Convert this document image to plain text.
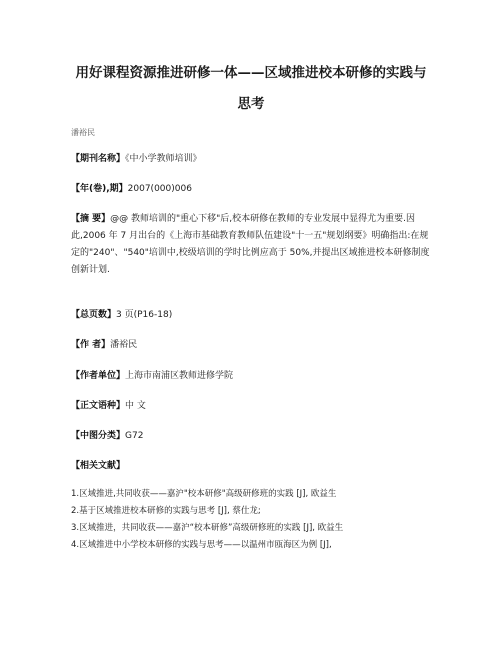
用好课程资源推进研修一体——区域推进校本研修的实践与
思考
潘裕民
【期刊名称】《中小学教师培训》
【年(卷),期】2007(000)006
【摘 要】@@ 教师培训的"重心下移"后,校本研修在教师的专业发展中显得尤为重要.因此,2006 年 7 月出台的《上海市基础教育教师队伍建设"十一五"规划纲要》明确指出:在规定的"240"、"540"培训中,校级培训的学时比例应高于 50%,并提出区域推进校本研修制度创新计划.
【总页数】3 页(P16-18)
【作 者】潘裕民
【作者单位】上海市南浦区教师进修学院
【正文语种】中 文
【中图分类】G72
【相关文献】
1.区域推进,共同收获——嘉沪"校本研修"高级研修班的实践 [J], 欧益生
2.基于区域推进校本研修的实践与思考 [J], 蔡仕龙;
3.区域推进，共同收获——嘉沪“校本研修”高级研修班的实践 [J], 欧益生
4.区域推进中小学校本研修的实践与思考——以温州市瓯海区为例 [J],
